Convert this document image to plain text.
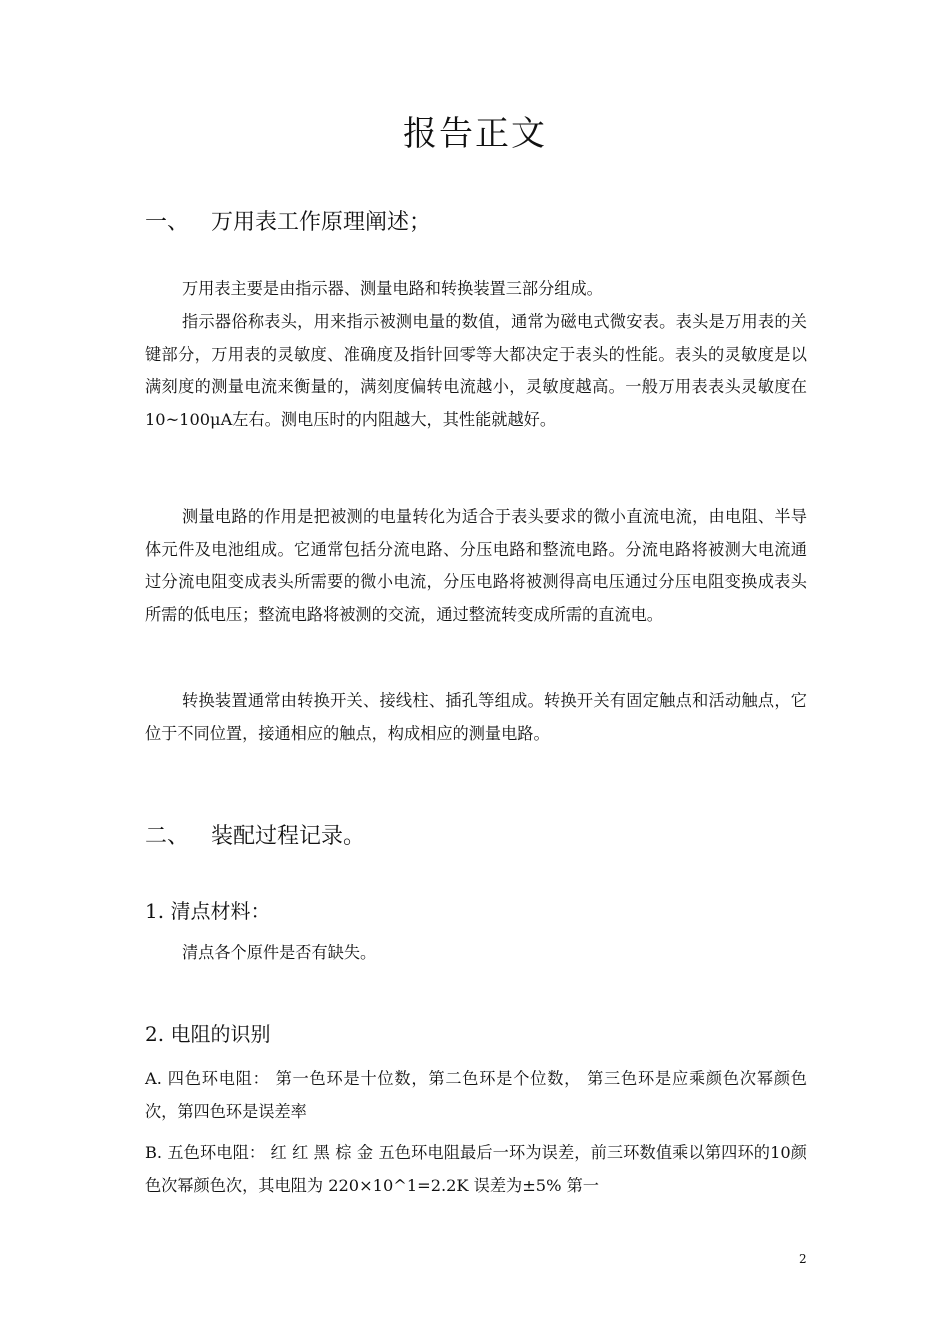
报告正文
一、 万用表工作原理阐述；

万用表主要是由指示器、测量电路和转换装置三部分组成。

指示器俗称表头，用来指示被测电量的数值，通常为磁电式微安表。表头是万用表的关键部分，万用表的灵敏度、准确度及指针回零等大都决定于表头的性能。表头的灵敏度是以满刻度的测量电流来衡量的，满刻度偏转电流越小，灵敏度越高。一般万用表表头灵敏度在10~100μA左右。测电压时的内阻越大，其性能就越好。

测量电路的作用是把被测的电量转化为适合于表头要求的微小直流电流，由电阻、半导体元件及电池组成。它通常包括分流电路、分压电路和整流电路。分流电路将被测大电流通过分流电阻变成表头所需要的微小电流，分压电路将被测得高电压通过分压电阻变换成表头所需的低电压；整流电路将被测的交流，通过整流转变成所需的直流电。

转换装置通常由转换开关、接线柱、插孔等组成。转换开关有固定触点和活动触点，它位于不同位置，接通相应的触点，构成相应的测量电路。

二、 装配过程记录。
1. 清点材料：

清点各个原件是否有缺失。

2. 电阻的识别

A. 四色环电阻： 第一色环是十位数，第二色环是个位数， 第三色环是应乘颜色次幂颜色次，第四色环是误差率

B. 五色环电阻： 红 红 黑 棕 金 五色环电阻最后一环为误差，前三环数值乘以第四环的10颜色次幂颜色次，其电阻为 220×10^1=2.2K 误差为±5% 第一

2
